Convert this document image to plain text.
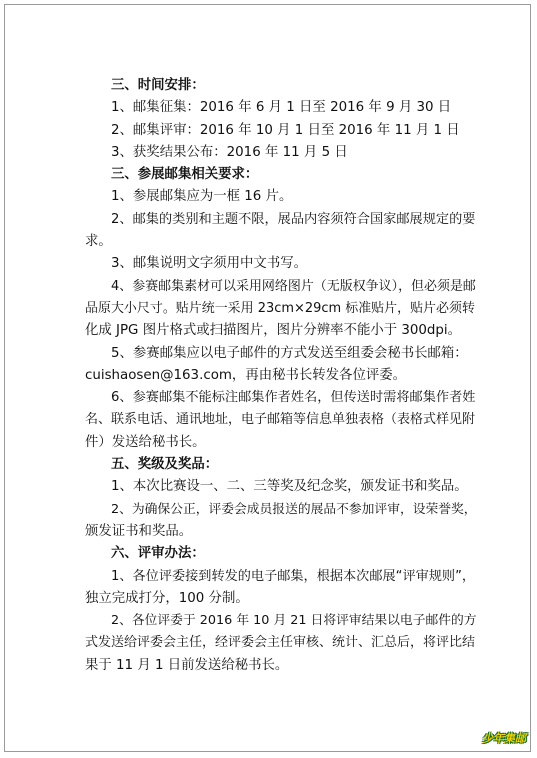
三、时间安排：
1、邮集征集：2016 年 6 月 1 日至 2016 年 9 月 30 日
2、邮集评审：2016 年 10 月 1 日至 2016 年 11 月 1 日
3、获奖结果公布：2016 年 11 月 5 日
三、参展邮集相关要求：
1、参展邮集应为一框 16 片。
2、邮集的类别和主题不限，展品内容须符合国家邮展规定的要
求。
3、邮集说明文字须用中文书写。
4、参赛邮集素材可以采用网络图片（无版权争议），但必须是邮
品原大小尺寸。贴片统一采用 23cm×29cm 标准贴片，贴片必须转
化成 JPG 图片格式或扫描图片，图片分辨率不能小于 300dpi。
5、参赛邮集应以电子邮件的方式发送至组委会秘书长邮箱：
cuishaosen@163.com，再由秘书长转发各位评委。
6、参赛邮集不能标注邮集作者姓名，但传送时需将邮集作者姓
名、联系电话、通讯地址，电子邮箱等信息单独表格（表格式样见附
件）发送给秘书长。
五、奖级及奖品：
1、本次比赛设一、二、三等奖及纪念奖，颁发证书和奖品。
2、为确保公正，评委会成员报送的展品不参加评审，设荣誉奖，
颁发证书和奖品。
六、评审办法：
1、各位评委接到转发的电子邮集，根据本次邮展“评审规则”，
独立完成打分，100 分制。
2、各位评委于 2016 年 10 月 21 日将评审结果以电子邮件的方
式发送给评委会主任，经评委会主任审核、统计、汇总后，将评比结
果于 11 月 1 日前发送给秘书长。
少年集邮
